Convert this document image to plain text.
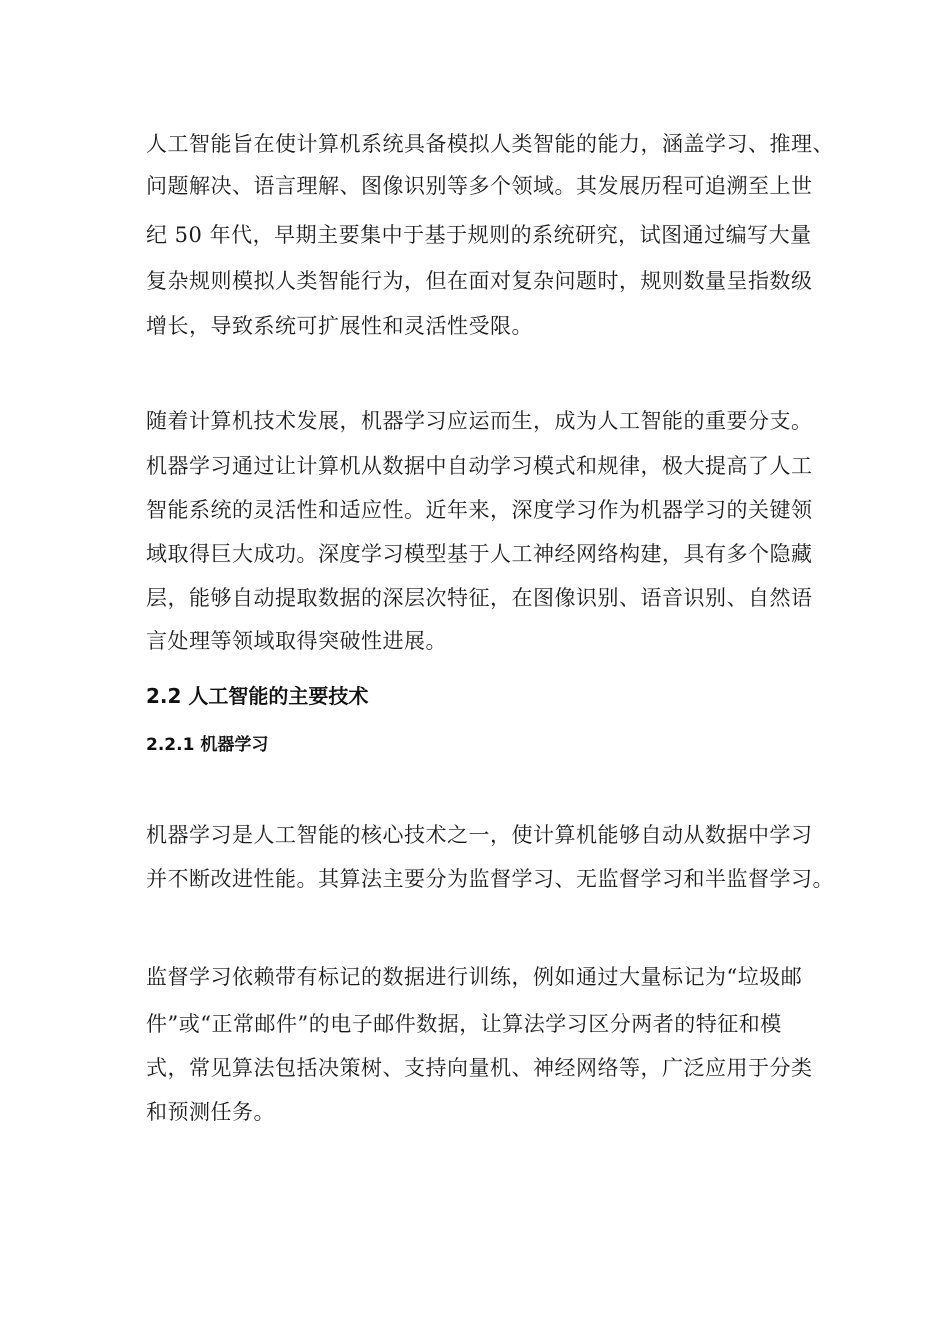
人工智能旨在使计算机系统具备模拟人类智能的能力，涵盖学习、推理、
问题解决、语言理解、图像识别等多个领域。其发展历程可追溯至上世
纪 50 年代，早期主要集中于基于规则的系统研究，试图通过编写大量
复杂规则模拟人类智能行为，但在面对复杂问题时，规则数量呈指数级
增长，导致系统可扩展性和灵活性受限。
随着计算机技术发展，机器学习应运而生，成为人工智能的重要分支。
机器学习通过让计算机从数据中自动学习模式和规律，极大提高了人工
智能系统的灵活性和适应性。近年来，深度学习作为机器学习的关键领
域取得巨大成功。深度学习模型基于人工神经网络构建，具有多个隐藏
层，能够自动提取数据的深层次特征，在图像识别、语音识别、自然语
言处理等领域取得突破性进展。
2.2 人工智能的主要技术
2.2.1 机器学习
机器学习是人工智能的核心技术之一，使计算机能够自动从数据中学习
并不断改进性能。其算法主要分为监督学习、无监督学习和半监督学习。
监督学习依赖带有标记的数据进行训练，例如通过大量标记为“垃圾邮
件”或“正常邮件”的电子邮件数据，让算法学习区分两者的特征和模
式，常见算法包括决策树、支持向量机、神经网络等，广泛应用于分类
和预测任务。
